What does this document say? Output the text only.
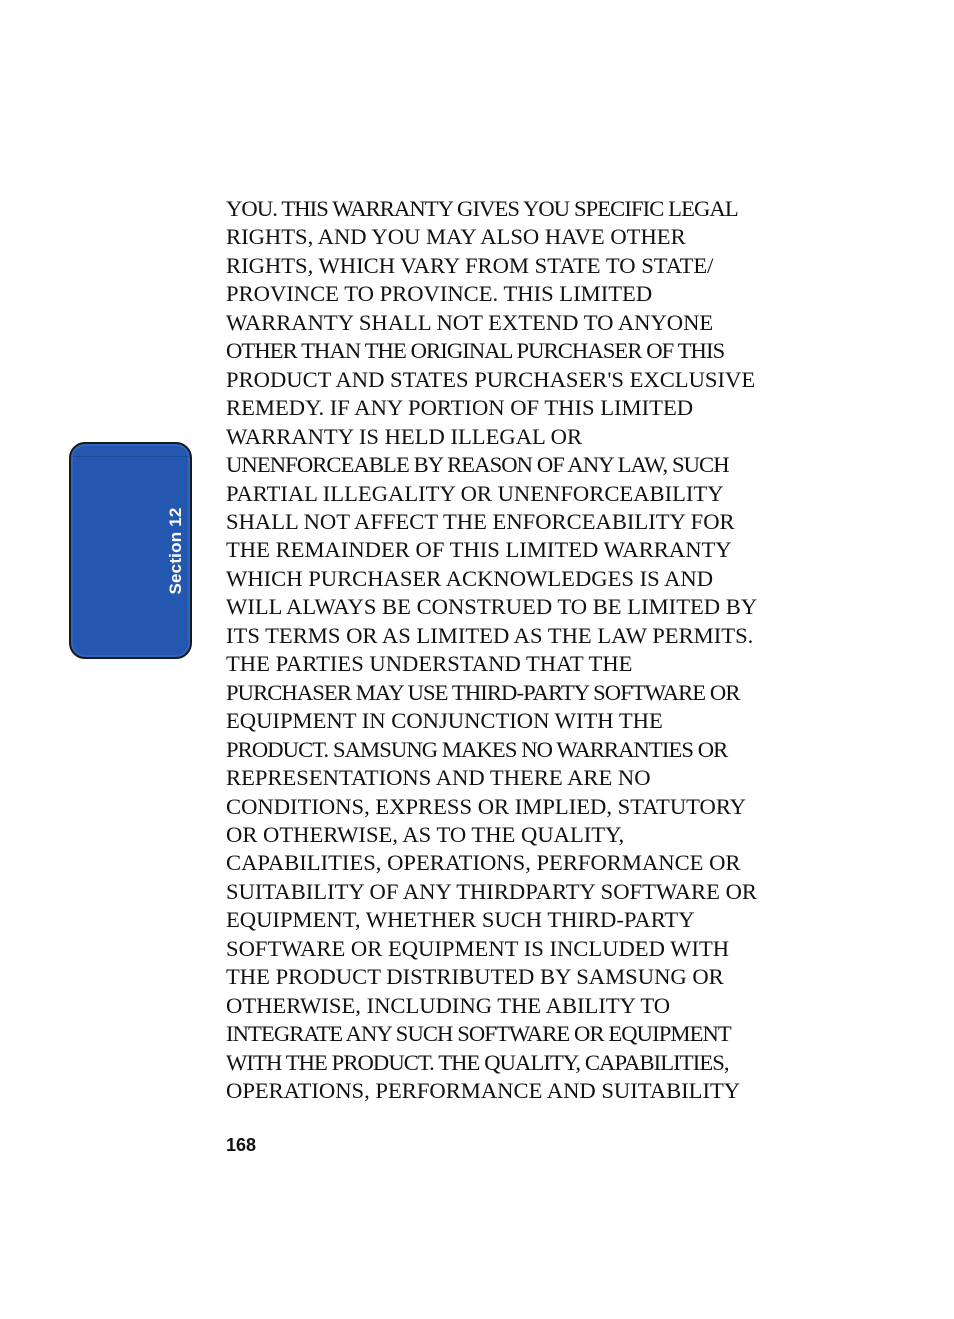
Section 12
YOU. THIS WARRANTY GIVES YOU SPECIFIC LEGAL
RIGHTS, AND YOU MAY ALSO HAVE OTHER
RIGHTS, WHICH VARY FROM STATE TO STATE/
PROVINCE TO PROVINCE. THIS LIMITED
WARRANTY SHALL NOT EXTEND TO ANYONE
OTHER THAN THE ORIGINAL PURCHASER OF THIS
PRODUCT AND STATES PURCHASER'S EXCLUSIVE
REMEDY. IF ANY PORTION OF THIS LIMITED
WARRANTY IS HELD ILLEGAL OR
UNENFORCEABLE BY REASON OF ANY LAW, SUCH
PARTIAL ILLEGALITY OR UNENFORCEABILITY
SHALL NOT AFFECT THE ENFORCEABILITY FOR
THE REMAINDER OF THIS LIMITED WARRANTY
WHICH PURCHASER ACKNOWLEDGES IS AND
WILL ALWAYS BE CONSTRUED TO BE LIMITED BY
ITS TERMS OR AS LIMITED AS THE LAW PERMITS.
THE PARTIES UNDERSTAND THAT THE
PURCHASER MAY USE THIRD-PARTY SOFTWARE OR
EQUIPMENT IN CONJUNCTION WITH THE
PRODUCT. SAMSUNG MAKES NO WARRANTIES OR
REPRESENTATIONS AND THERE ARE NO
CONDITIONS, EXPRESS OR IMPLIED, STATUTORY
OR OTHERWISE, AS TO THE QUALITY,
CAPABILITIES, OPERATIONS, PERFORMANCE OR
SUITABILITY OF ANY THIRDPARTY SOFTWARE OR
EQUIPMENT, WHETHER SUCH THIRD-PARTY
SOFTWARE OR EQUIPMENT IS INCLUDED WITH
THE PRODUCT DISTRIBUTED BY SAMSUNG OR
OTHERWISE, INCLUDING THE ABILITY TO
INTEGRATE ANY SUCH SOFTWARE OR EQUIPMENT
WITH THE PRODUCT. THE QUALITY, CAPABILITIES,
OPERATIONS, PERFORMANCE AND SUITABILITY
168
